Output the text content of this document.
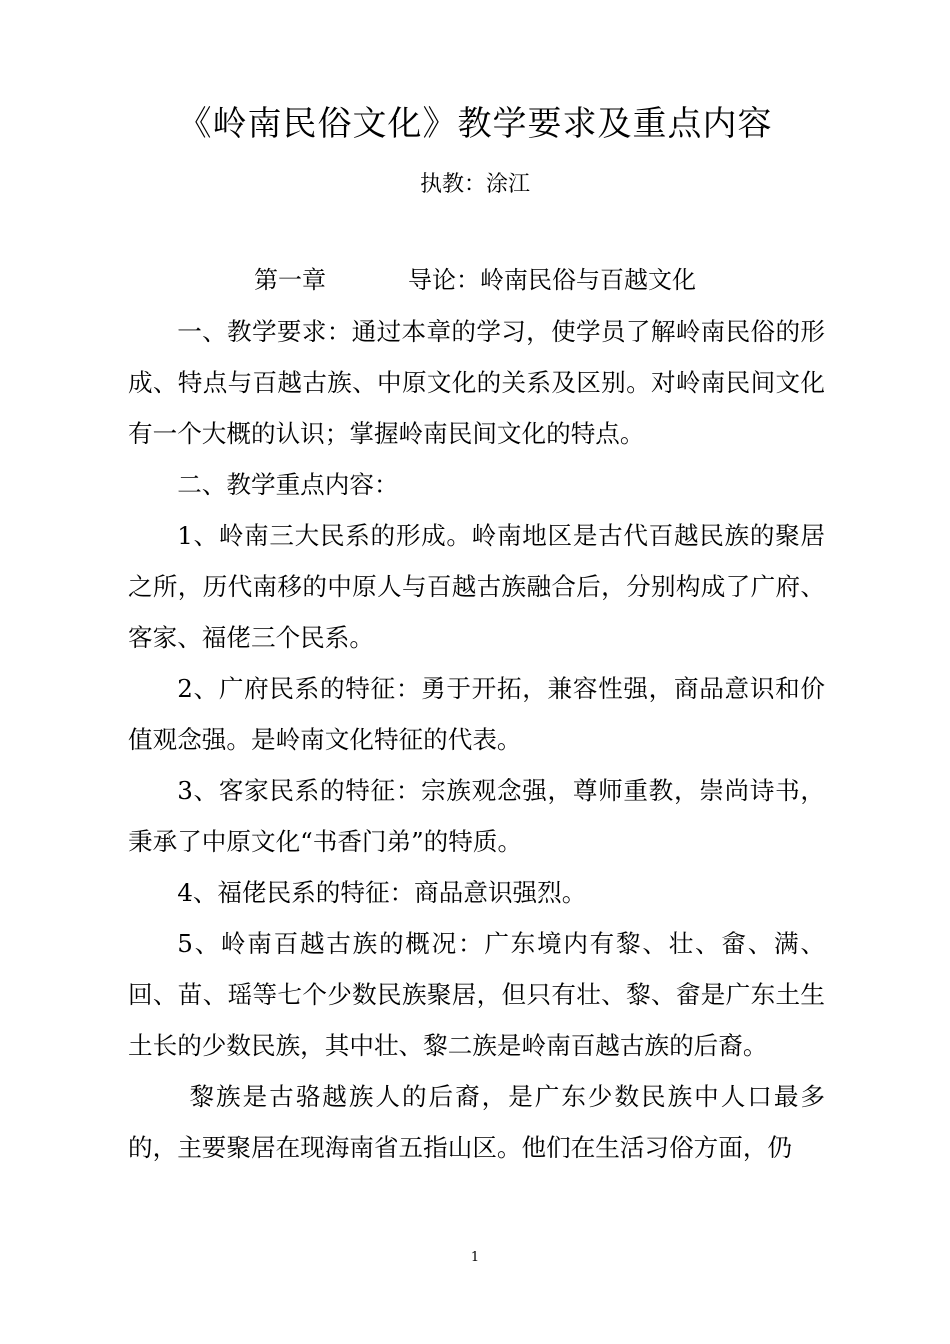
《岭南民俗文化》教学要求及重点内容
执教：涂江
第一章	导论：岭南民俗与百越文化

一、教学要求：通过本章的学习，使学员了解岭南民俗的形成、特点与百越古族、中原文化的关系及区别。对岭南民间文化有一个大概的认识；掌握岭南民间文化的特点。

二、教学重点内容：

1、岭南三大民系的形成。岭南地区是古代百越民族的聚居之所，历代南移的中原人与百越古族融合后，分别构成了广府、客家、福佬三个民系。

2、广府民系的特征：勇于开拓，兼容性强，商品意识和价值观念强。是岭南文化特征的代表。

3、客家民系的特征：宗族观念强，尊师重教，崇尚诗书，秉承了中原文化“书香门弟”的特质。

4、福佬民系的特征：商品意识强烈。

5、岭南百越古族的概况：广东境内有黎、壮、畲、满、回、苗、瑶等七个少数民族聚居，但只有壮、黎、畲是广东土生土长的少数民族，其中壮、黎二族是岭南百越古族的后裔。

黎族是古骆越族人的后裔，是广东少数民族中人口最多的，主要聚居在现海南省五指山区。他们在生活习俗方面，仍

1
